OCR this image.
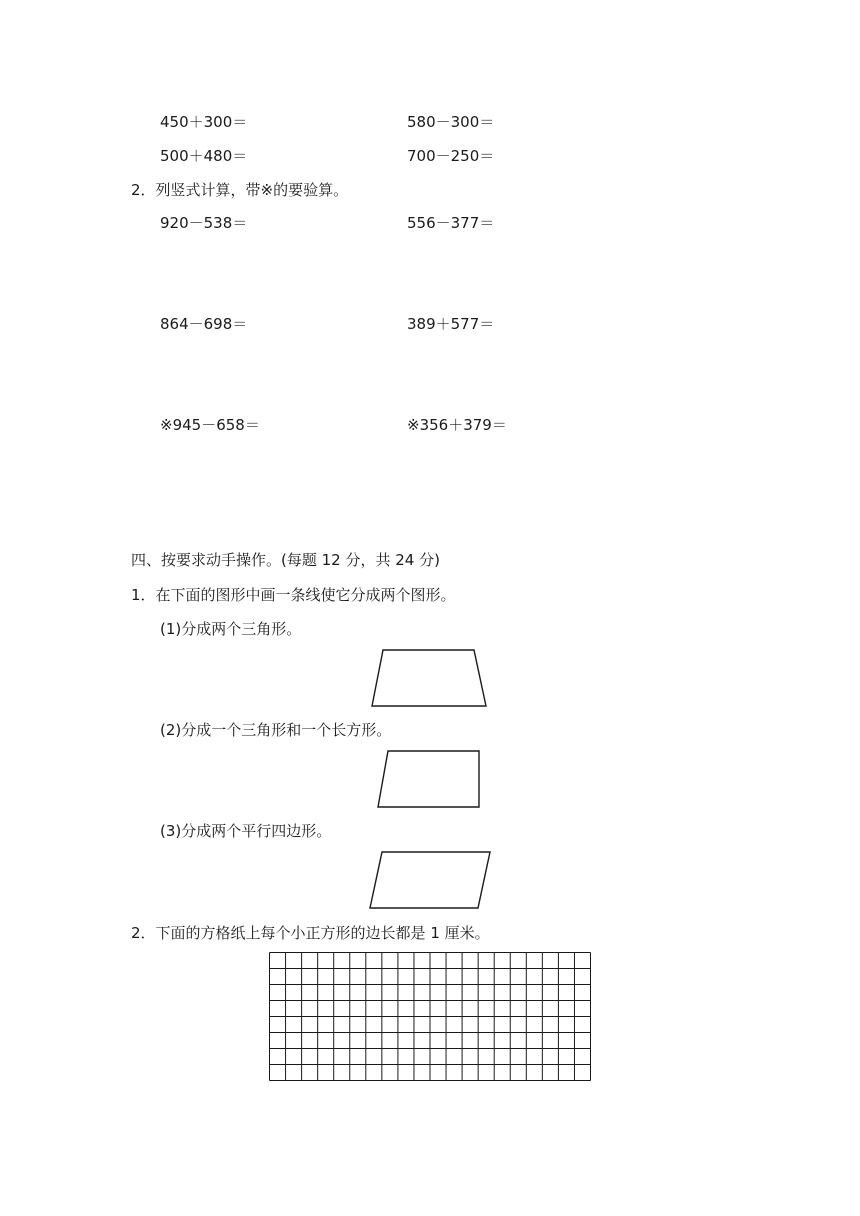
450＋300＝	580－300＝
500＋480＝	700－250＝
2．列竖式计算，带※的要验算。
920－538＝	556－377＝
864－698＝	389＋577＝
※945－658＝	※356＋379＝
四、按要求动手操作。(每题 12 分，共 24 分)
1．在下面的图形中画一条线使它分成两个图形。
(1)分成两个三角形。
(2)分成一个三角形和一个长方形。
(3)分成两个平行四边形。
2．下面的方格纸上每个小正方形的边长都是 1 厘米。
